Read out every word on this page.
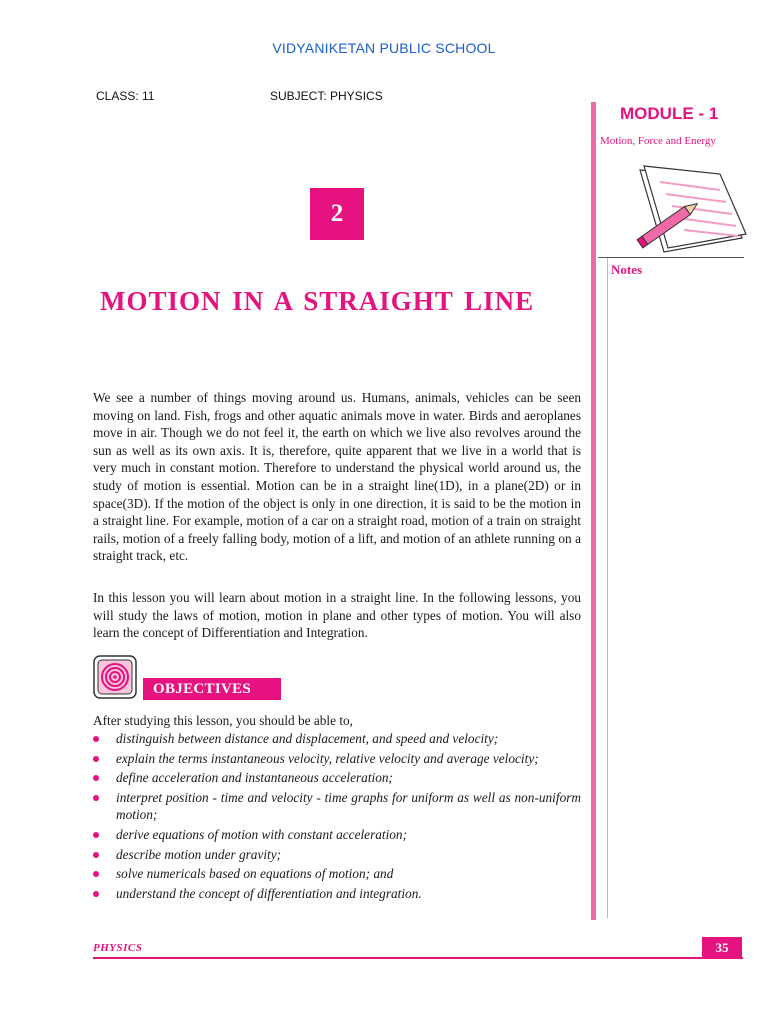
VIDYANIKETAN PUBLIC SCHOOL
CLASS: 11	SUBJECT: PHYSICS
MODULE - 1
Motion, Force and Energy
Notes
2
MOTION IN A STRAIGHT LINE

We see a number of things moving around us. Humans, animals, vehicles can be seen moving on land. Fish, frogs and other aquatic animals move in water. Birds and aeroplanes move in air. Though we do not feel it, the earth on which we live also revolves around the sun as well as its own axis. It is, therefore, quite apparent that we live in a world that is very much in constant motion. Therefore to understand the physical world around us, the study of motion is essential. Motion can be in a straight line(1D), in a plane(2D) or in space(3D). If the motion of the object is only in one direction, it is said to be the motion in a straight line. For example, motion of a car on a straight road, motion of a train on straight rails, motion of a freely falling body, motion of a lift, and motion of an athlete running on a straight track, etc.

In this lesson you will learn about motion in a straight line. In the following lessons, you will study the laws of motion, motion in plane and other types of motion. You will also learn the concept of Differentiation and Integration.

OBJECTIVES
After studying this lesson, you should be able to,
distinguish between distance and displacement, and speed and velocity;
explain the terms instantaneous velocity, relative velocity and average velocity;
define acceleration and instantaneous acceleration;
interpret position - time and velocity - time graphs for uniform as well as non-uniform motion;
derive equations of motion with constant acceleration;
describe motion under gravity;
solve numericals based on equations of motion; and
understand the concept of differentiation and integration.
PHYSICS	35
